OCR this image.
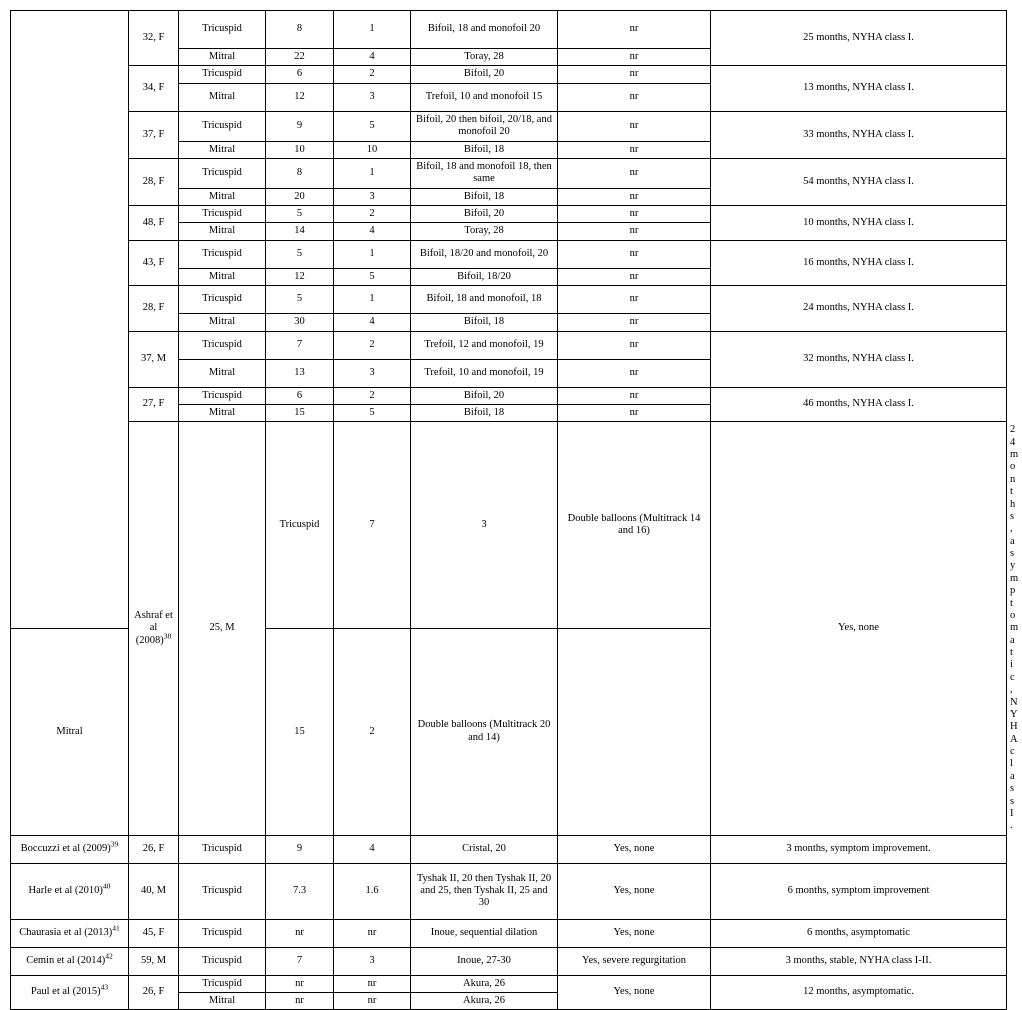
	32, F	Tricuspid	8	1	Bifoil, 18 and monofoil 20	nr	25 months, NYHA class I.	
		Mitral	22	4	Toray, 28	nr		
	34, F	Tricuspid	6	2	Bifoil, 20	nr	13 months, NYHA class I.	
		Mitral	12	3	Trefoil, 10 and monofoil 15	nr		
	37, F	Tricuspid	9	5	Bifoil, 20 then bifoil, 20/18, and monofoil 20	nr	33 months, NYHA class I.	
		Mitral	10	10	Bifoil, 18	nr		
	28, F	Tricuspid	8	1	Bifoil, 18 and monofoil 18, then same	nr	54 months, NYHA class I.	
		Mitral	20	3	Bifoil, 18	nr		
	48, F	Tricuspid	5	2	Bifoil, 20	nr	10 months, NYHA class I.	
		Mitral	14	4	Toray, 28	nr		
	43, F	Tricuspid	5	1	Bifoil, 18/20 and monofoil, 20	nr	16 months, NYHA class I.	
		Mitral	12	5	Bifoil, 18/20	nr		
	28, F	Tricuspid	5	1	Bifoil, 18 and monofoil, 18	nr	24 months, NYHA class I.	
		Mitral	30	4	Bifoil, 18	nr		
	37, M	Tricuspid	7	2	Trefoil, 12 and monofoil, 19	nr	32 months, NYHA class I.	
		Mitral	13	3	Trefoil, 10 and monofoil, 19	nr		
	27, F	Tricuspid	6	2	Bifoil, 20	nr	46 months, NYHA class I.	
		Mitral	15	5	Bifoil, 18	nr		
	Ashraf et al $(2008)^{38}$	25, M	Tricuspid	7	3	Double balloons (Multitrack 14 and 16)	Yes, none	24 months, asymptomatic, NYHA class I.
Mitral			15	2	Double balloons (Multitrack 20 and 14)			
Boccuzzi et al $(2009)^{39}$	26, F	Tricuspid	9	4	Cristal, 20	Yes, none	3 months, symptom improvement.	
Harle et al $(2010)^{40}$	40, M	Tricuspid	7.3	1.6	Tyshak II, 20 then Tyshak II, 20 and 25, then Tyshak II, 25 and 30	Yes, none	6 months, symptom improvement	
Chaurasia et al $(2013)^{41}$	45, F	Tricuspid	nr	nr	Inoue, sequential dilation	Yes, none	6 months, asymptomatic	
Cemin et al $(2014)^{42}$	59, M	Tricuspid	7	3	Inoue, 27-30	Yes, severe regurgitation	3 months, stable, NYHA class I-II.	
Paul et al $(2015)^{43}$	26, F	Tricuspid	nr	nr	Akura, 26	Yes, none	12 months, asymptomatic.	
		Mitral	nr	nr	Akura, 26			
